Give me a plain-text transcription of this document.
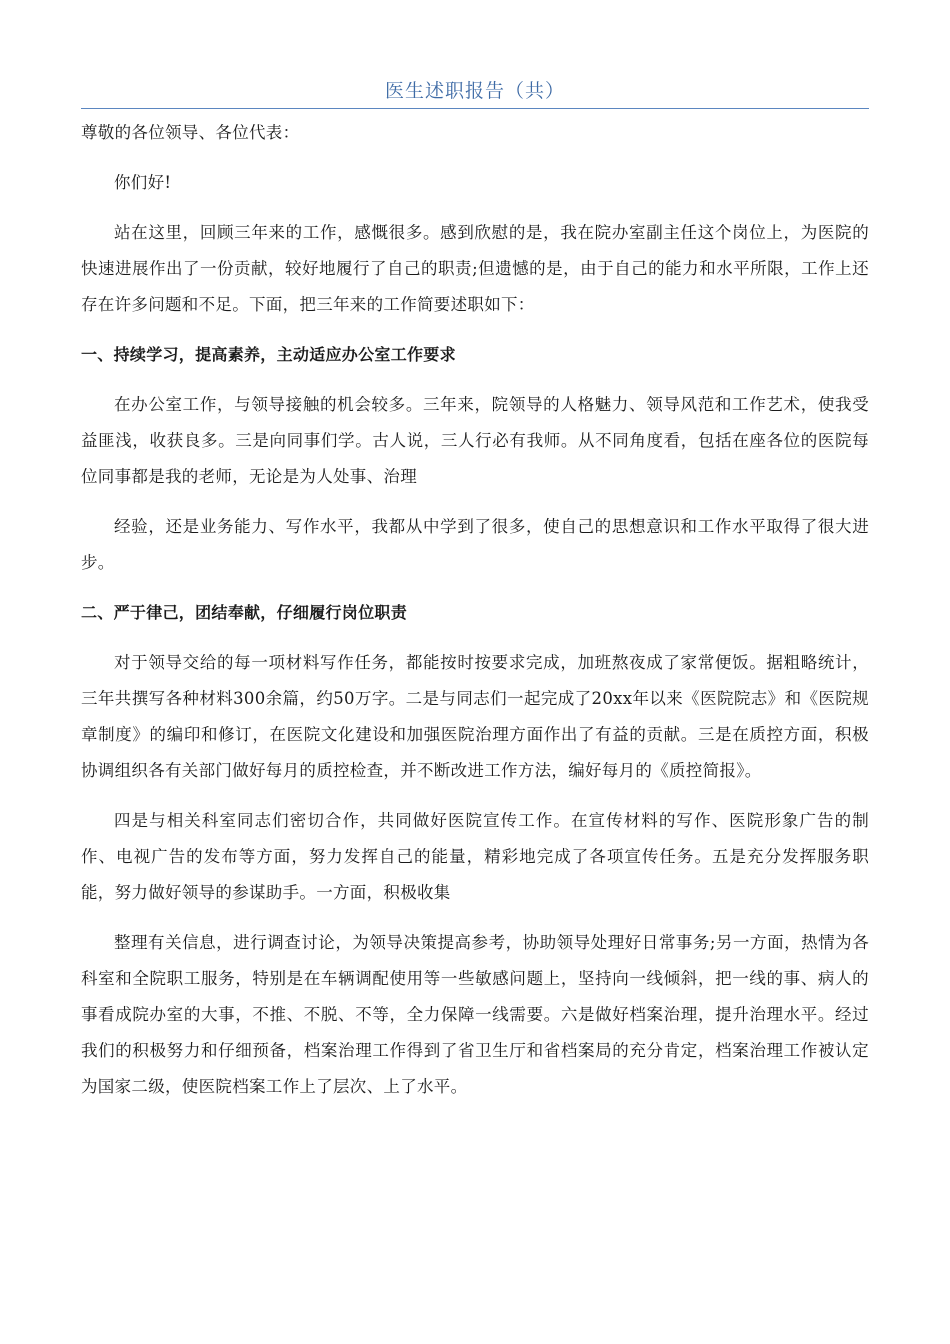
医生述职报告（共）

尊敬的各位领导、各位代表：

你们好!

站在这里，回顾三年来的工作，感慨很多。感到欣慰的是，我在院办室副主任这个岗位上，为医院的快速进展作出了一份贡献，较好地履行了自己的职责;但遗憾的是，由于自己的能力和水平所限，工作上还存在许多问题和不足。下面，把三年来的工作简要述职如下：

一、持续学习，提高素养，主动适应办公室工作要求

在办公室工作，与领导接触的机会较多。三年来，院领导的人格魅力、领导风范和工作艺术，使我受益匪浅，收获良多。三是向同事们学。古人说，三人行必有我师。从不同角度看，包括在座各位的医院每位同事都是我的老师，无论是为人处事、治理

经验，还是业务能力、写作水平，我都从中学到了很多，使自己的思想意识和工作水平取得了很大进步。

二、严于律己，团结奉献，仔细履行岗位职责

对于领导交给的每一项材料写作任务，都能按时按要求完成，加班熬夜成了家常便饭。据粗略统计，三年共撰写各种材料300余篇，约50万字。二是与同志们一起完成了20xx年以来《医院院志》和《医院规章制度》的编印和修订，在医院文化建设和加强医院治理方面作出了有益的贡献。三是在质控方面，积极协调组织各有关部门做好每月的质控检查，并不断改进工作方法，编好每月的《质控简报》。

四是与相关科室同志们密切合作，共同做好医院宣传工作。在宣传材料的写作、医院形象广告的制作、电视广告的发布等方面，努力发挥自己的能量，精彩地完成了各项宣传任务。五是充分发挥服务职能，努力做好领导的参谋助手。一方面，积极收集

整理有关信息，进行调查讨论，为领导决策提高参考，协助领导处理好日常事务;另一方面，热情为各科室和全院职工服务，特别是在车辆调配使用等一些敏感问题上，坚持向一线倾斜，把一线的事、病人的事看成院办室的大事，不推、不脱、不等，全力保障一线需要。六是做好档案治理，提升治理水平。经过我们的积极努力和仔细预备，档案治理工作得到了省卫生厅和省档案局的充分肯定，档案治理工作被认定为国家二级，使医院档案工作上了层次、上了水平。
